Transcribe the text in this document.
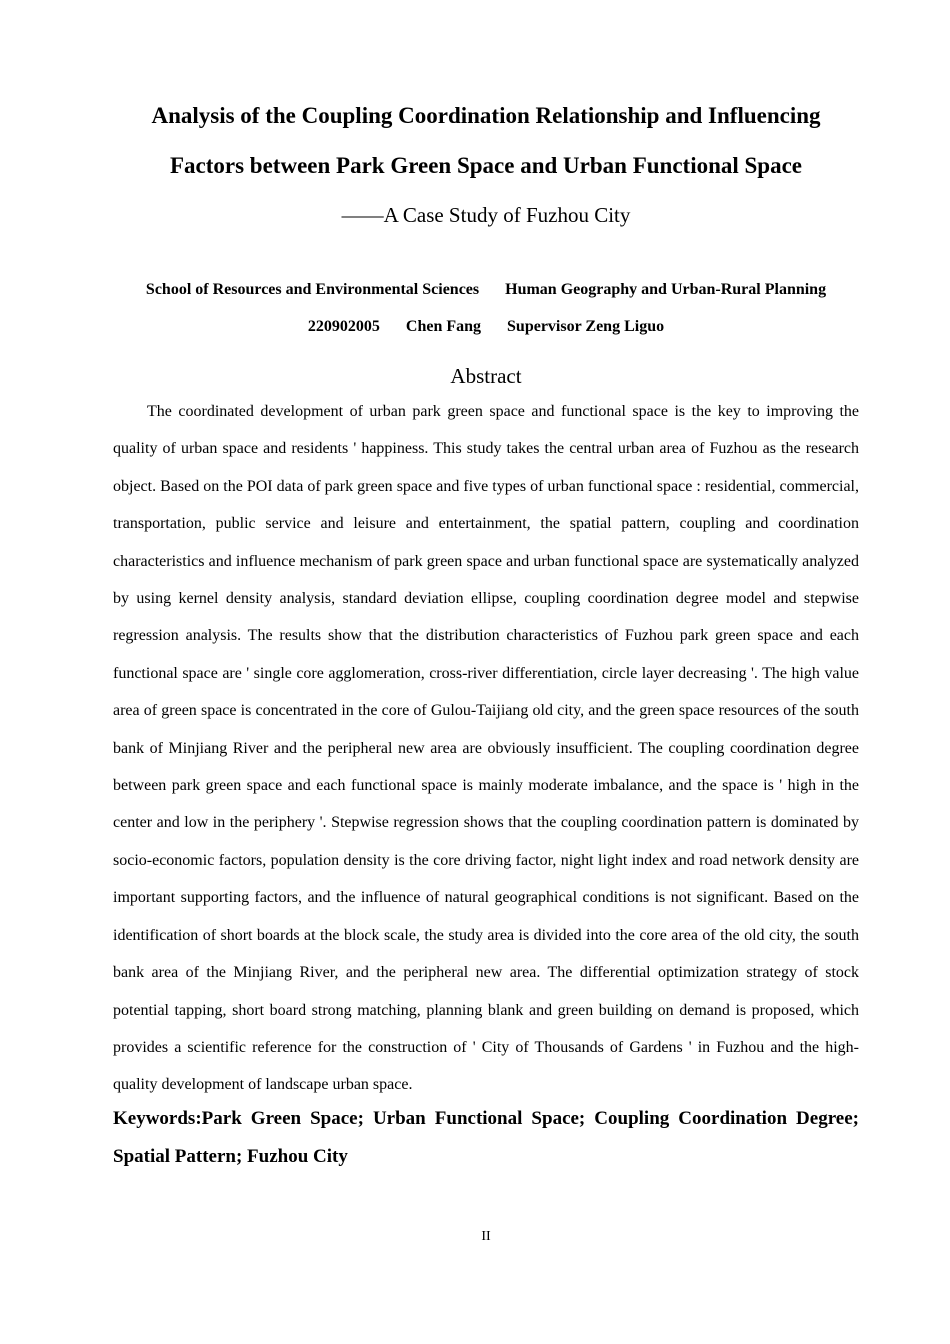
Analysis of the Coupling Coordination Relationship and Influencing
Factors between Park Green Space and Urban Functional Space
——A Case Study of Fuzhou City
School of Resources and Environmental Sciences Human Geography and Urban-Rural Planning
220902005 Chen Fang Supervisor Zeng Liguo
Abstract

The coordinated development of urban park green space and functional space is the key to improving the quality of urban space and residents ' happiness. This study takes the central urban area of Fuzhou as the research object. Based on the POI data of park green space and five types of urban functional space : residential, commercial, transportation, public service and leisure and entertainment, the spatial pattern, coupling and coordination characteristics and influence mechanism of park green space and urban functional space are systematically analyzed by using kernel density analysis, standard deviation ellipse, coupling coordination degree model and stepwise regression analysis. The results show that the distribution characteristics of Fuzhou park green space and each functional space are ' single core agglomeration, cross-river differentiation, circle layer decreasing '. The high value area of green space is concentrated in the core of Gulou-Taijiang old city, and the green space resources of the south bank of Minjiang River and the peripheral new area are obviously insufficient. The coupling coordination degree between park green space and each functional space is mainly moderate imbalance, and the space is ' high in the center and low in the periphery '. Stepwise regression shows that the coupling coordination pattern is dominated by socio-economic factors, population density is the core driving factor, night light index and road network density are important supporting factors, and the influence of natural geographical conditions is not significant. Based on the identification of short boards at the block scale, the study area is divided into the core area of the old city, the south bank area of the Minjiang River, and the peripheral new area. The differential optimization strategy of stock potential tapping, short board strong matching, planning blank and green building on demand is proposed, which provides a scientific reference for the construction of ' City of Thousands of Gardens ' in Fuzhou and the high-quality development of landscape urban space.

Keywords:Park Green Space; Urban Functional Space; Coupling Coordination Degree; Spatial Pattern; Fuzhou City

II
